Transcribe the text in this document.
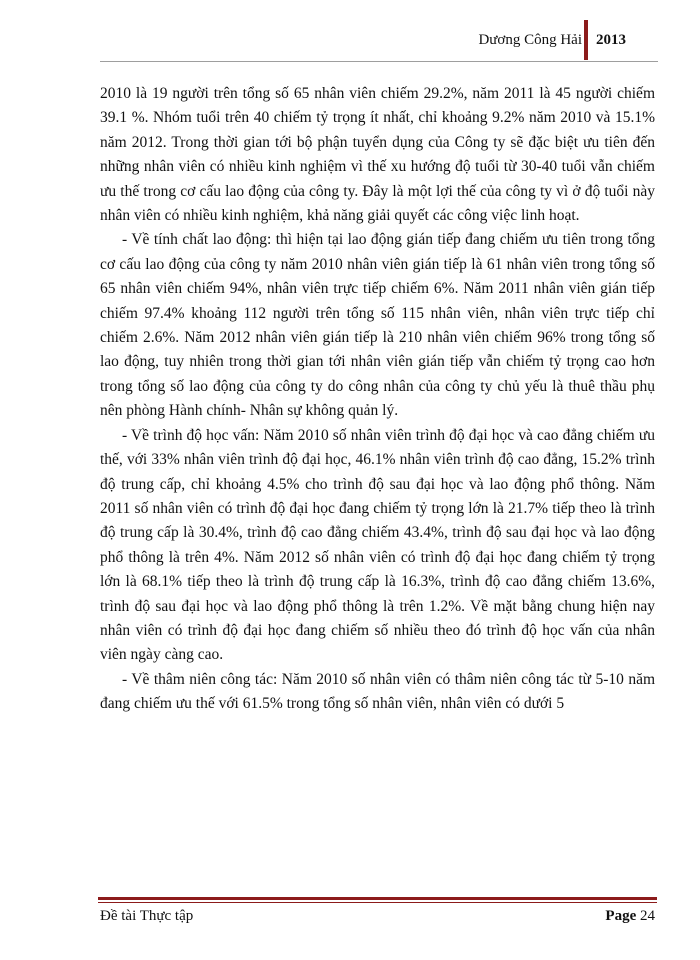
Dương Công Hải 2013

2010 là 19 người trên tổng số 65 nhân viên chiếm 29.2%, năm 2011 là 45 người chiếm 39.1 %. Nhóm tuổi trên 40 chiếm tỷ trọng ít nhất, chỉ khoảng 9.2% năm 2010 và 15.1% năm 2012. Trong thời gian tới bộ phận tuyển dụng của Công ty sẽ đặc biệt ưu tiên đến những nhân viên có nhiều kinh nghiệm vì thế xu hướng độ tuổi từ 30-40 tuổi vẫn chiếm ưu thế trong cơ cấu lao động của công ty. Đây là một lợi thế của công ty vì ở độ tuổi này nhân viên có nhiều kinh nghiệm, khả năng giải quyết các công việc linh hoạt.

- Về tính chất lao động: thì hiện tại lao động gián tiếp đang chiếm ưu tiên trong tổng cơ cấu lao động của công ty năm 2010 nhân viên gián tiếp là 61 nhân viên trong tổng số 65 nhân viên chiếm 94%, nhân viên trực tiếp chiếm 6%. Năm 2011 nhân viên gián tiếp chiếm 97.4% khoảng 112 người trên tổng số 115 nhân viên, nhân viên trực tiếp chỉ chiếm 2.6%. Năm 2012 nhân viên gián tiếp là 210 nhân viên chiếm 96% trong tổng số lao động, tuy nhiên trong thời gian tới nhân viên gián tiếp vẫn chiếm tỷ trọng cao hơn trong tổng số lao động của công ty do công nhân của công ty chủ yếu là thuê thầu phụ nên phòng Hành chính- Nhân sự không quản lý.

- Về trình độ học vấn: Năm 2010 số nhân viên trình độ đại học và cao đẳng chiếm ưu thế, với 33% nhân viên trình độ đại học, 46.1% nhân viên trình độ cao đẳng, 15.2% trình độ trung cấp, chỉ khoảng 4.5% cho trình độ sau đại học và lao động phổ thông. Năm 2011 số nhân viên có trình độ đại học đang chiếm tỷ trọng lớn là 21.7% tiếp theo là trình độ trung cấp là 30.4%, trình độ cao đẳng chiếm 43.4%, trình độ sau đại học và lao động phổ thông là trên 4%. Năm 2012 số nhân viên có trình độ đại học đang chiếm tỷ trọng lớn là 68.1% tiếp theo là trình độ trung cấp là 16.3%, trình độ cao đẳng chiếm 13.6%, trình độ sau đại học và lao động phổ thông là trên 1.2%. Về mặt bằng chung hiện nay nhân viên có trình độ đại học đang chiếm số nhiều theo đó trình độ học vấn của nhân viên ngày càng cao.

- Về thâm niên công tác: Năm 2010 số nhân viên có thâm niên công tác từ 5-10 năm đang chiếm ưu thế với 61.5% trong tổng số nhân viên, nhân viên có dưới 5

Đề tài Thực tập	Page 24
